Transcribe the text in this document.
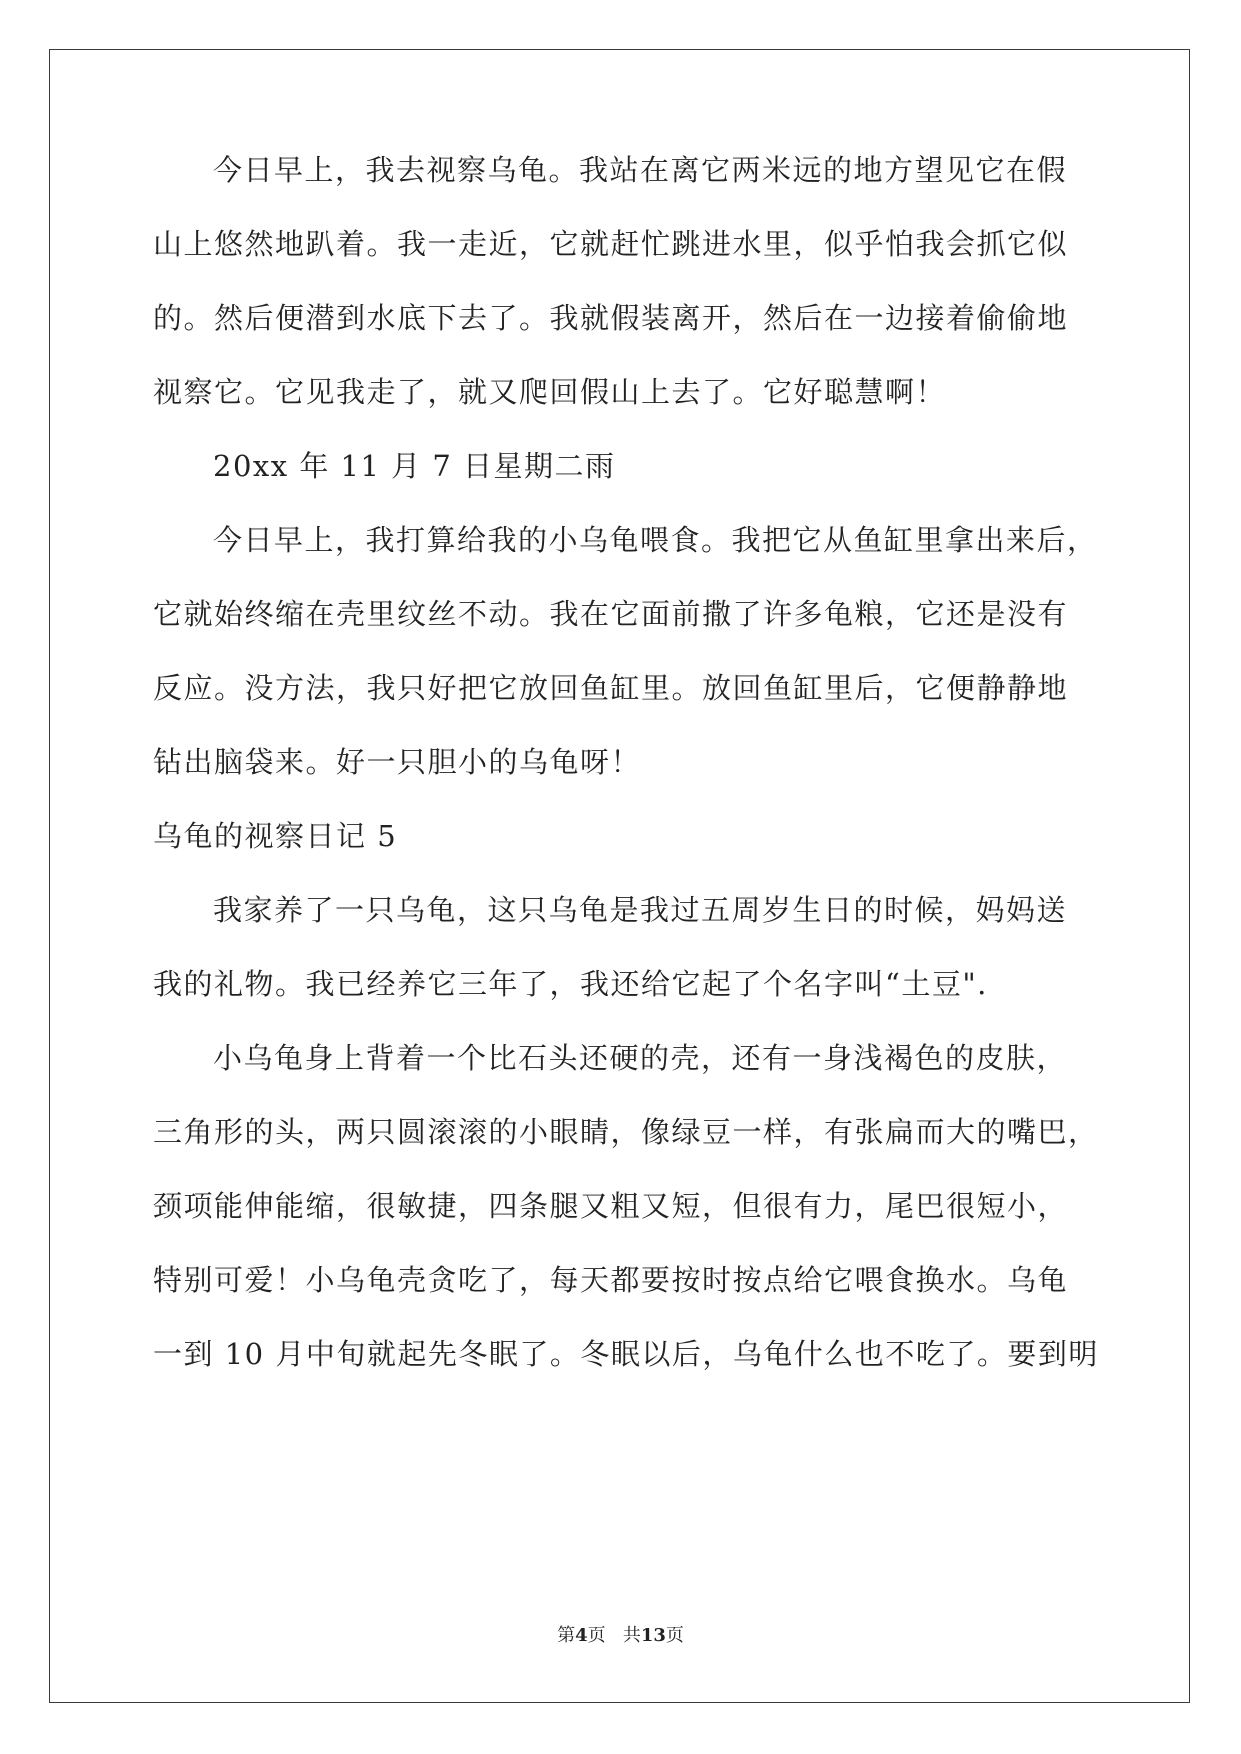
今日早上，我去视察乌龟。我站在离它两米远的地方望见它在假
山上悠然地趴着。我一走近，它就赶忙跳进水里，似乎怕我会抓它似
的。然后便潜到水底下去了。我就假装离开，然后在一边接着偷偷地
视察它。它见我走了，就又爬回假山上去了。它好聪慧啊！
20xx 年 11 月 7 日星期二雨
今日早上，我打算给我的小乌龟喂食。我把它从鱼缸里拿出来后，
它就始终缩在壳里纹丝不动。我在它面前撒了许多龟粮，它还是没有
反应。没方法，我只好把它放回鱼缸里。放回鱼缸里后，它便静静地
钻出脑袋来。好一只胆小的乌龟呀！
乌龟的视察日记 5
我家养了一只乌龟，这只乌龟是我过五周岁生日的时候，妈妈送
我的礼物。我已经养它三年了，我还给它起了个名字叫“土豆".
小乌龟身上背着一个比石头还硬的壳，还有一身浅褐色的皮肤，
三角形的头，两只圆滚滚的小眼睛，像绿豆一样，有张扁而大的嘴巴，
颈项能伸能缩，很敏捷，四条腿又粗又短，但很有力，尾巴很短小，
特别可爱！小乌龟壳贪吃了，每天都要按时按点给它喂食换水。乌龟
一到 10 月中旬就起先冬眠了。冬眠以后，乌龟什么也不吃了。要到明
第4页 共13页
